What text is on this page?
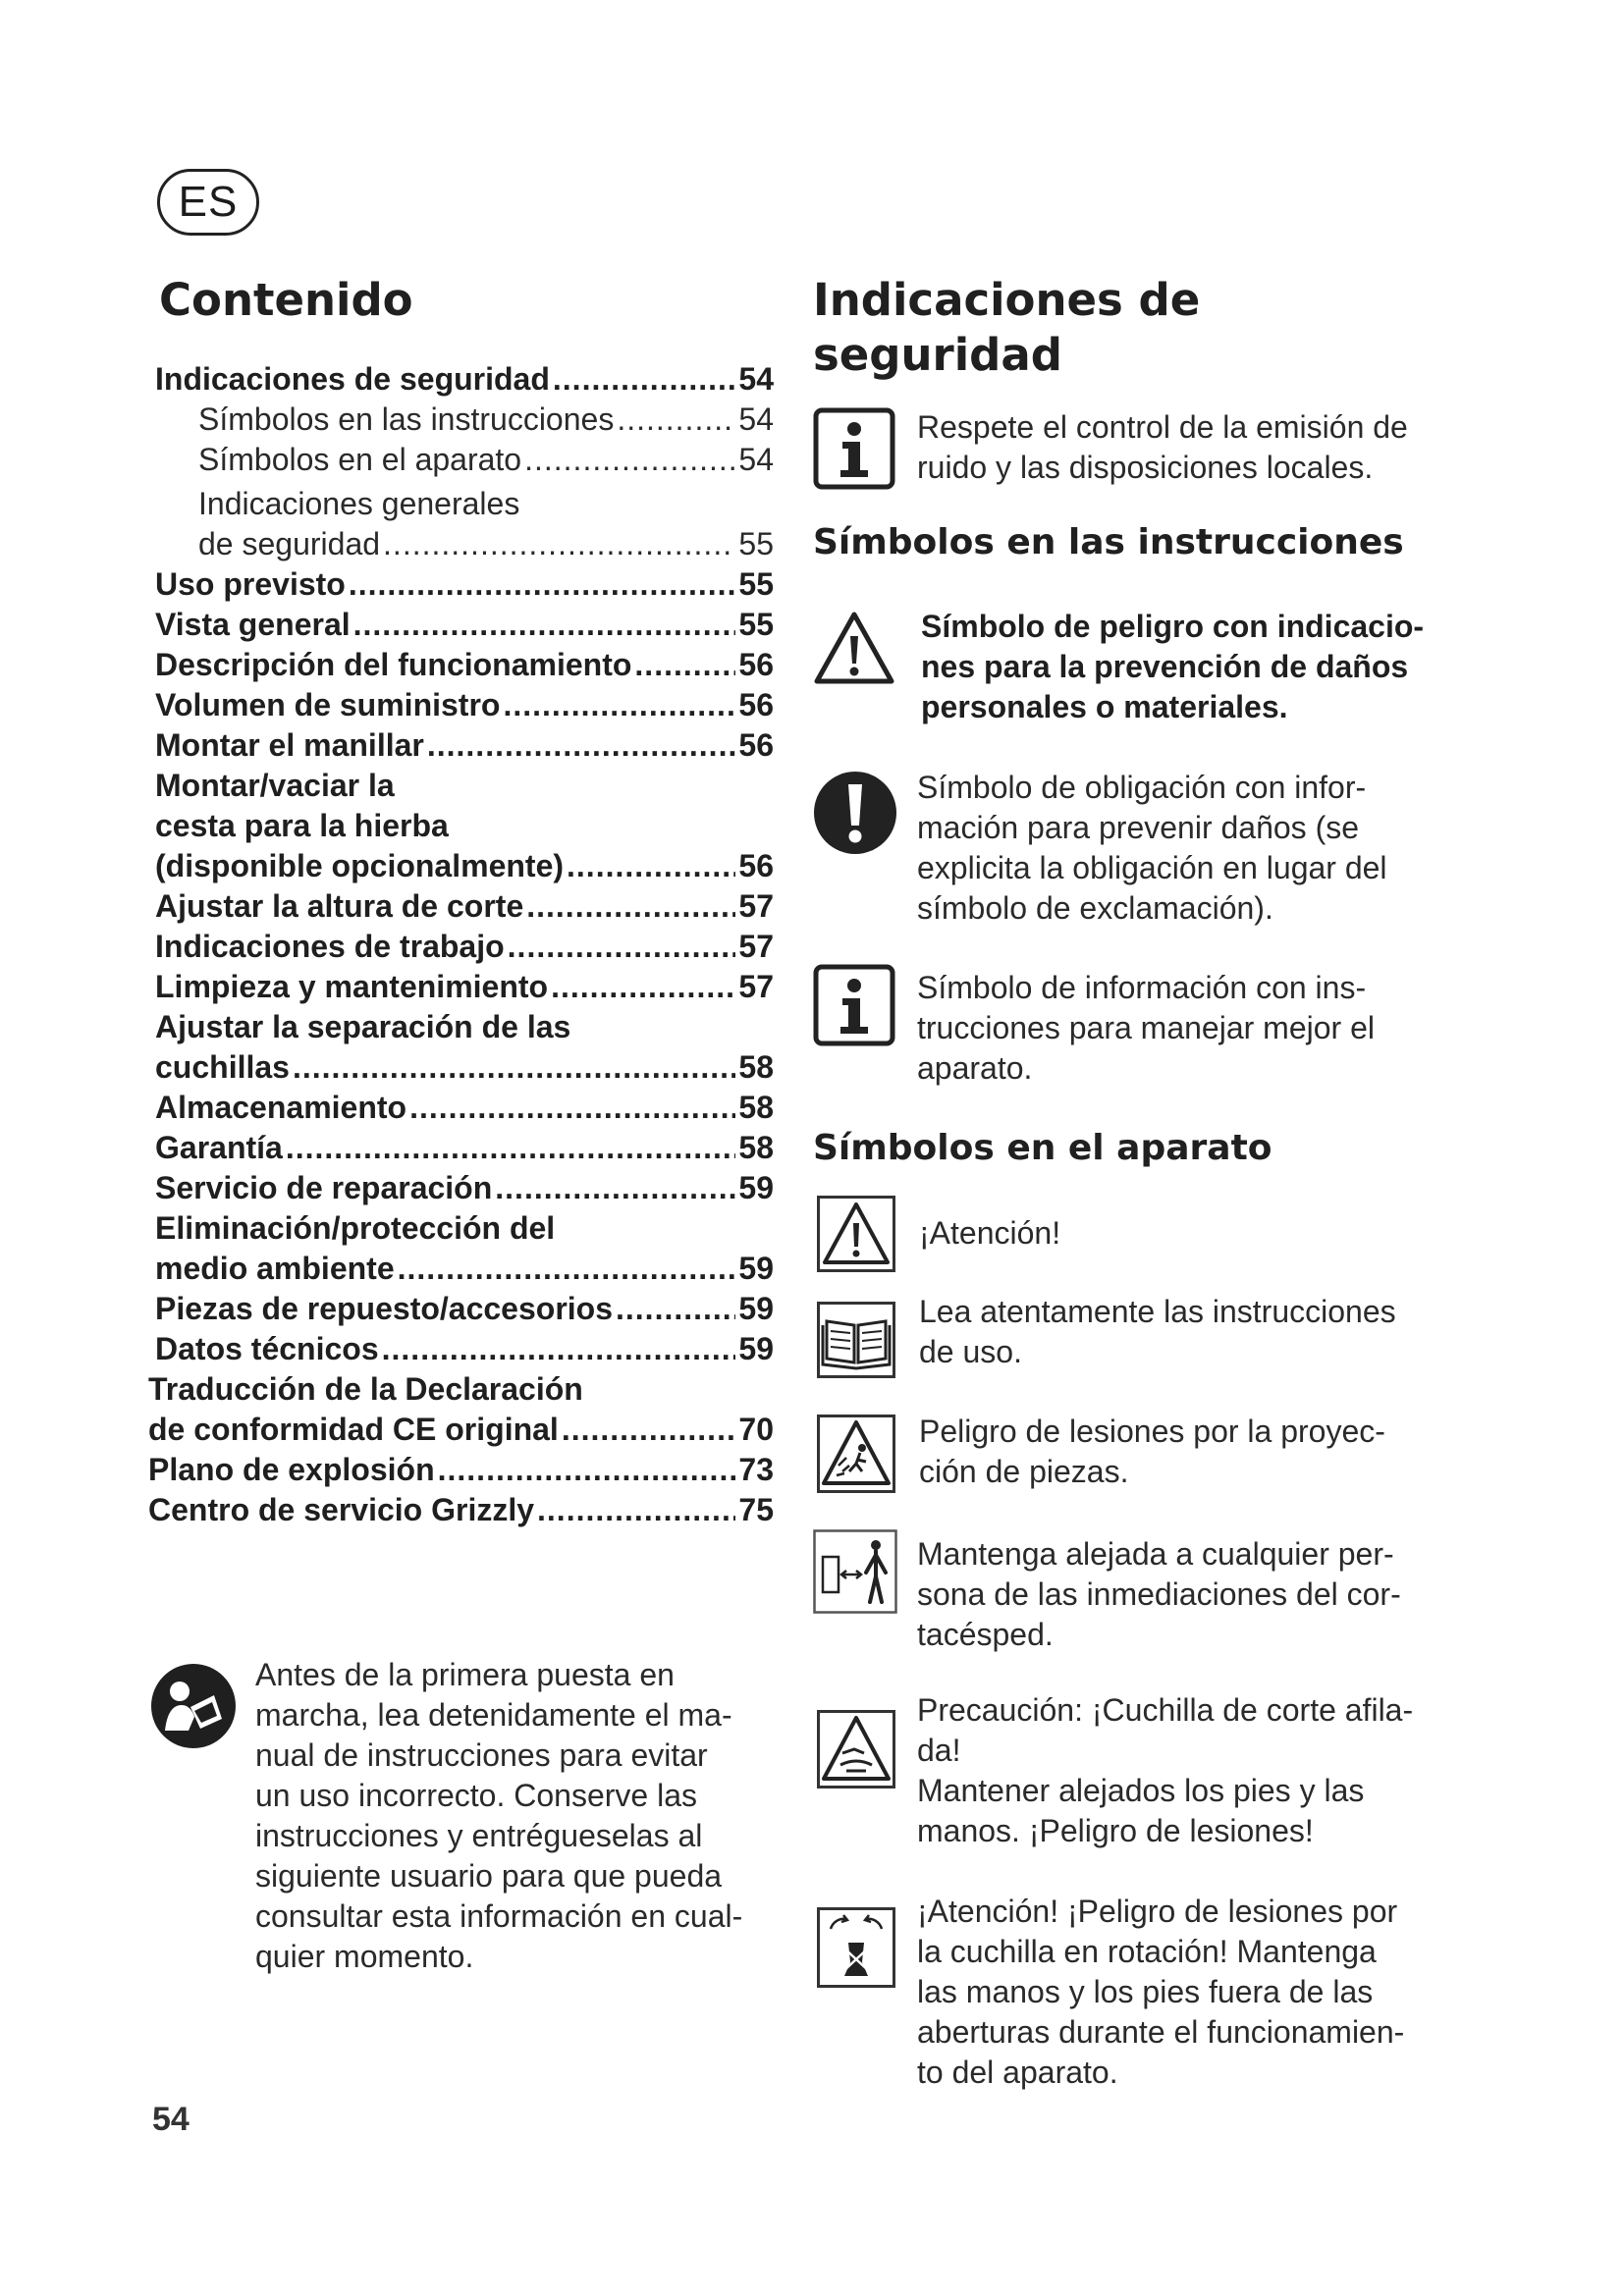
ES
Contenido
Indicaciones de seguridad .....	54
Símbolos en las instrucciones .....	54
Símbolos en el aparato .....	54
Indicaciones generales
de seguridad .....	55
Uso previsto .....	55
Vista general .....	55
Descripción del funcionamiento .....	56
Volumen de suministro .....	56
Montar el manillar .....	56
Montar/vaciar la
cesta para la hierba
(disponible opcionalmente) .....	56
Ajustar la altura de corte .....	57
Indicaciones de trabajo .....	57
Limpieza y mantenimiento .....	57
Ajustar la separación de las
cuchillas .....	58
Almacenamiento .....	58
Garantía .....	58
Servicio de reparación .....	59
Eliminación/protección del
medio ambiente .....	59
Piezas de repuesto/accesorios .....	59
Datos técnicos .....	59
Traducción de la Declaración
de conformidad CE original .....	70
Plano de explosión .....	73
Centro de servicio Grizzly .....	75
Antes de la primera puesta en
marcha, lea detenidamente el ma-
nual de instrucciones para evitar
un uso incorrecto. Conserve las
instrucciones y entrégueselas al
siguiente usuario para que pueda
consultar esta información en cual-
quier momento.
54
Indicaciones de
seguridad
Respete el control de la emisión de
ruido y las disposiciones locales.
Símbolos en las instrucciones
Símbolo de peligro con indicacio-
nes para la prevención de daños
personales o materiales.
Símbolo de obligación con infor-
mación para prevenir daños (se
explicita la obligación en lugar del
símbolo de exclamación).
Símbolo de información con ins-
trucciones para manejar mejor el
aparato.
Símbolos en el aparato
¡Atención!
Lea atentamente las instrucciones
de uso.
Peligro de lesiones por la proyec-
ción de piezas.
Mantenga alejada a cualquier per-
sona de las inmediaciones del cor-
tacésped.
Precaución: ¡Cuchilla de corte afila-
da!
Mantener alejados los pies y las
manos. ¡Peligro de lesiones!
¡Atención! ¡Peligro de lesiones por
la cuchilla en rotación! Mantenga
las manos y los pies fuera de las
aberturas durante el funcionamien-
to del aparato.
